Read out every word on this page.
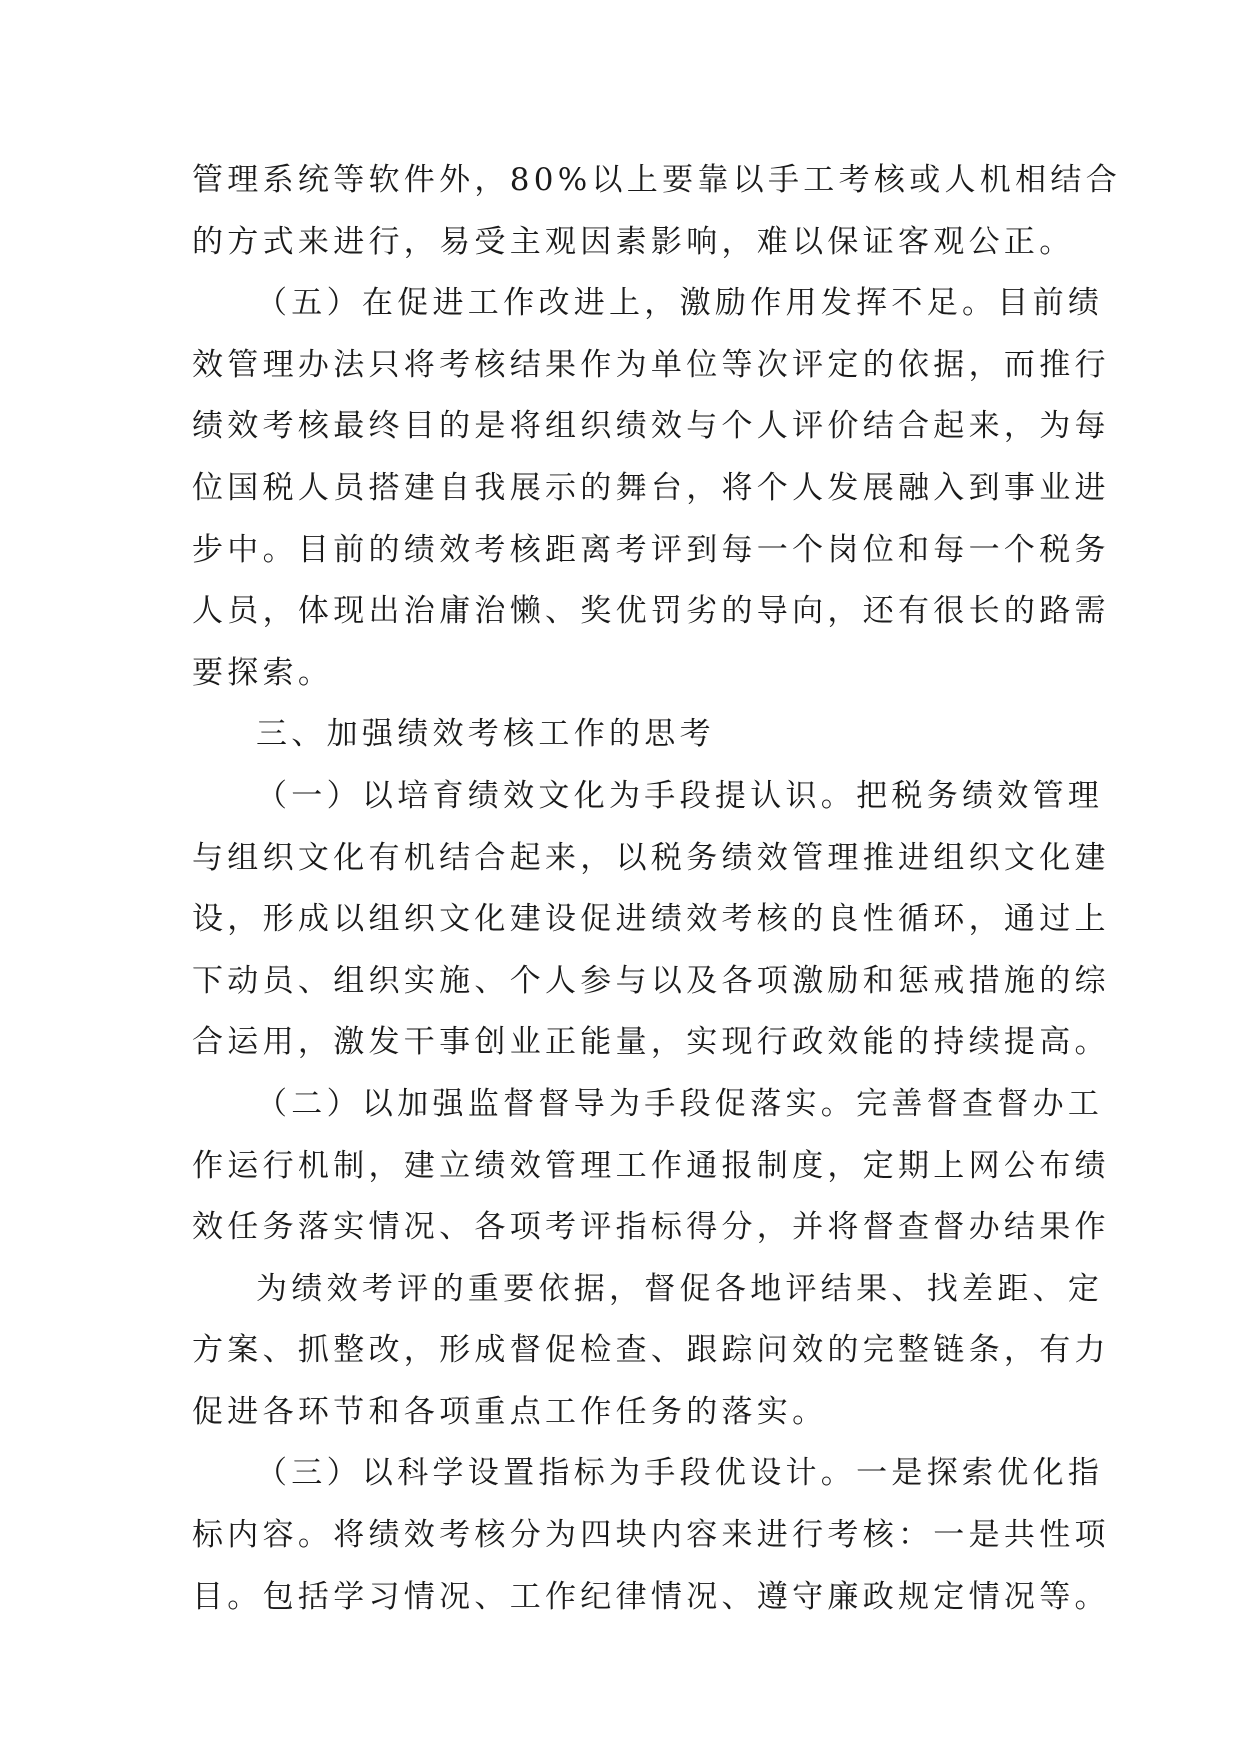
管理系统等软件外，80%以上要靠以手工考核或人机相结合
的方式来进行，易受主观因素影响，难以保证客观公正。
（五）在促进工作改进上，激励作用发挥不足。目前绩
效管理办法只将考核结果作为单位等次评定的依据，而推行
绩效考核最终目的是将组织绩效与个人评价结合起来，为每
位国税人员搭建自我展示的舞台，将个人发展融入到事业进
步中。目前的绩效考核距离考评到每一个岗位和每一个税务
人员，体现出治庸治懒、奖优罚劣的导向，还有很长的路需
要探索。
三、加强绩效考核工作的思考
（一）以培育绩效文化为手段提认识。把税务绩效管理
与组织文化有机结合起来，以税务绩效管理推进组织文化建
设，形成以组织文化建设促进绩效考核的良性循环，通过上
下动员、组织实施、个人参与以及各项激励和惩戒措施的综
合运用，激发干事创业正能量，实现行政效能的持续提高。
（二）以加强监督督导为手段促落实。完善督查督办工
作运行机制，建立绩效管理工作通报制度，定期上网公布绩
效任务落实情况、各项考评指标得分，并将督查督办结果作
为绩效考评的重要依据，督促各地评结果、找差距、定
方案、抓整改，形成督促检查、跟踪问效的完整链条，有力
促进各环节和各项重点工作任务的落实。
（三）以科学设置指标为手段优设计。一是探索优化指
标内容。将绩效考核分为四块内容来进行考核：一是共性项
目。包括学习情况、工作纪律情况、遵守廉政规定情况等。
